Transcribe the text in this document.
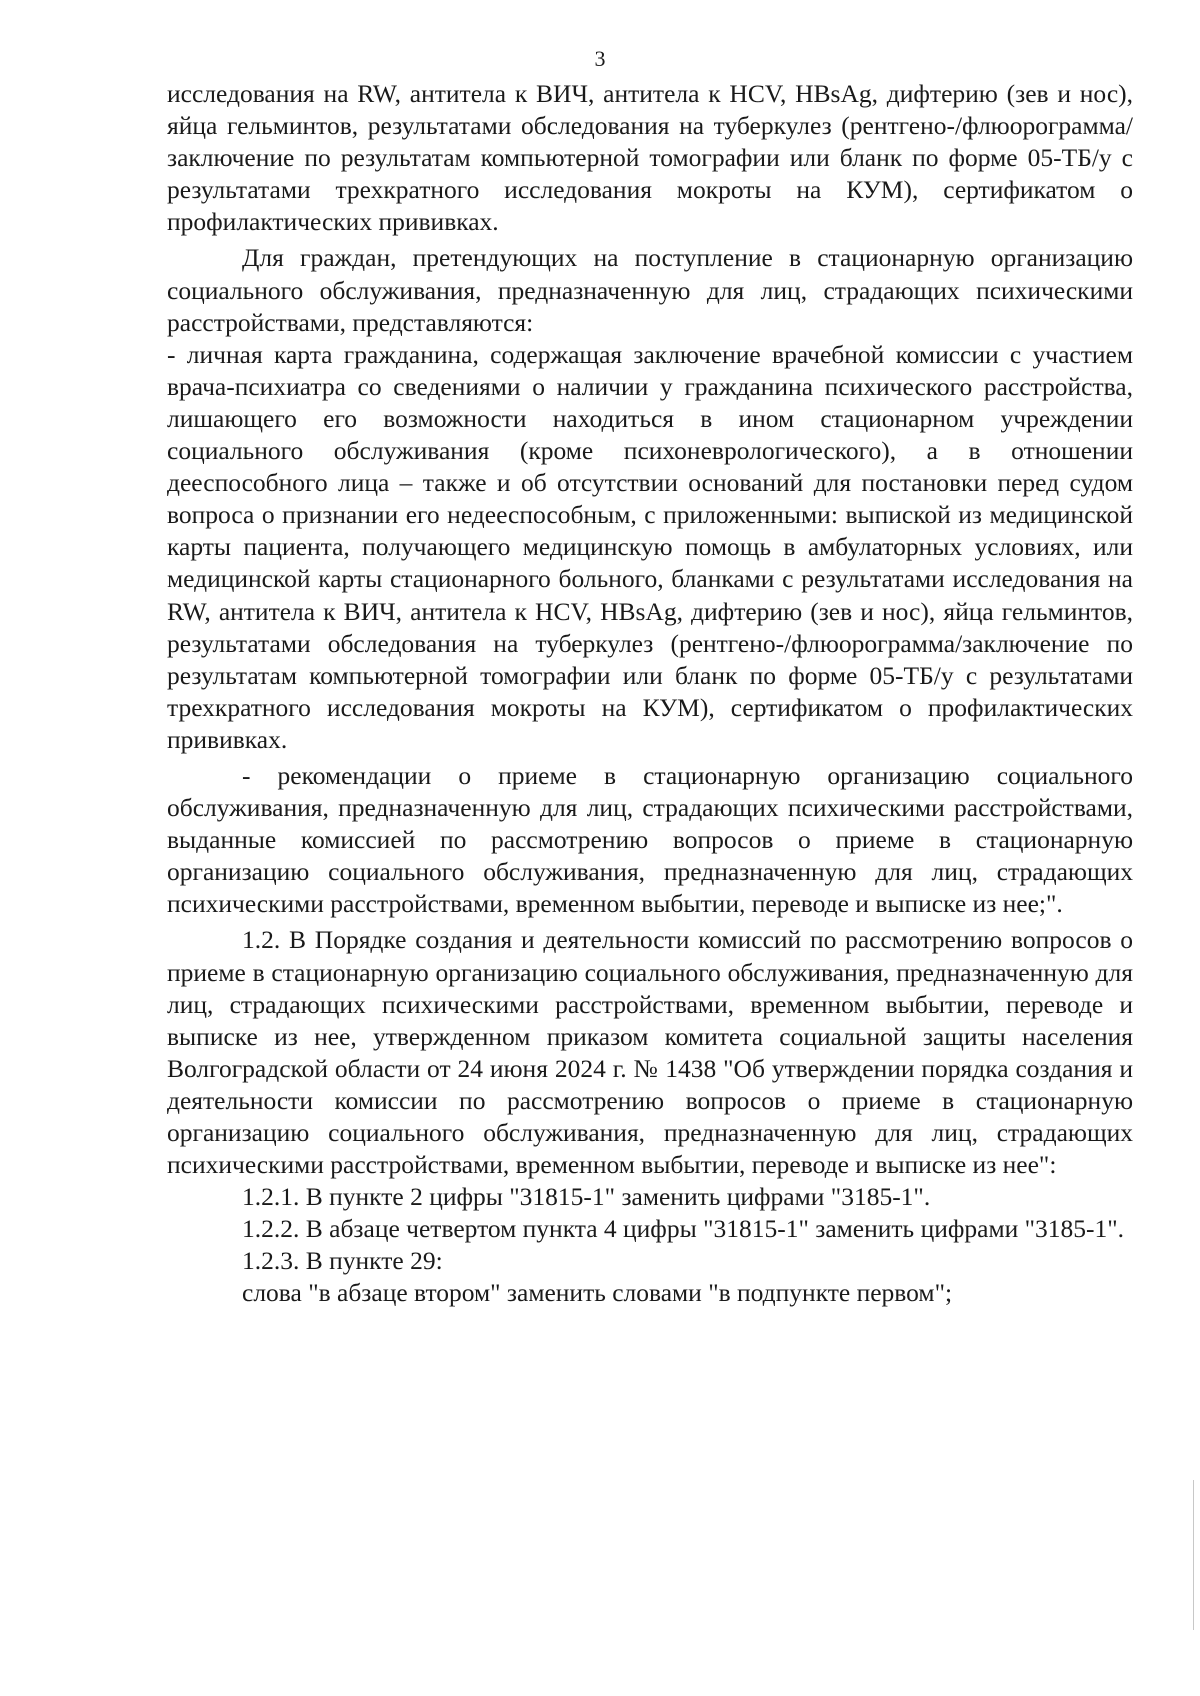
3

исследования на RW, антитела к ВИЧ, антитела к HCV, HBsAg, дифтерию (зев и нос), яйца гельминтов, результатами обследования на туберкулез (рентгено-/флюорограмма/заключение по результатам компьютерной томографии или бланк по форме 05-ТБ/у с результатами трехкратного исследования мокроты на КУМ), сертификатом о профилактических прививках.

Для граждан, претендующих на поступление в стационарную организацию социального обслуживания, предназначенную для лиц, страдающих психическими расстройствами, представляются:

- личная карта гражданина, содержащая заключение врачебной комиссии с участием врача-психиатра со сведениями о наличии у гражданина психического расстройства, лишающего его возможности находиться в ином стационарном учреждении социального обслуживания (кроме психоневрологического), а в отношении дееспособного лица – также и об отсутствии оснований для постановки перед судом вопроса о признании его недееспособным, с приложенными: выпиской из медицинской карты пациента, получающего медицинскую помощь в амбулаторных условиях, или медицинской карты стационарного больного, бланками с результатами исследования на RW, антитела к ВИЧ, антитела к HCV, HBsAg, дифтерию (зев и нос), яйца гельминтов, результатами обследования на туберкулез (рентгено-/флюорограмма/заключение по результатам компьютерной томографии или бланк по форме 05-ТБ/у с результатами трехкратного исследования мокроты на КУМ), сертификатом о профилактических прививках.

- рекомендации о приеме в стационарную организацию социального обслуживания, предназначенную для лиц, страдающих психическими расстройствами, выданные комиссией по рассмотрению вопросов о приеме в стационарную организацию социального обслуживания, предназначенную для лиц, страдающих психическими расстройствами, временном выбытии, переводе и выписке из нее;".

1.2. В Порядке создания и деятельности комиссий по рассмотрению вопросов о приеме в стационарную организацию социального обслуживания, предназначенную для лиц, страдающих психическими расстройствами, временном выбытии, переводе и выписке из нее, утвержденном приказом комитета социальной защиты населения Волгоградской области от 24 июня 2024 г. № 1438 "Об утверждении порядка создания и деятельности комиссии по рассмотрению вопросов о приеме в стационарную организацию социального обслуживания, предназначенную для лиц, страдающих психическими расстройствами, временном выбытии, переводе и выписке из нее":

1.2.1. В пункте 2 цифры "31815-1" заменить цифрами "3185-1".

1.2.2. В абзаце четвертом пункта 4 цифры "31815-1" заменить цифрами "3185-1".

1.2.3. В пункте 29:

слова "в абзаце втором" заменить словами "в подпункте первом";
